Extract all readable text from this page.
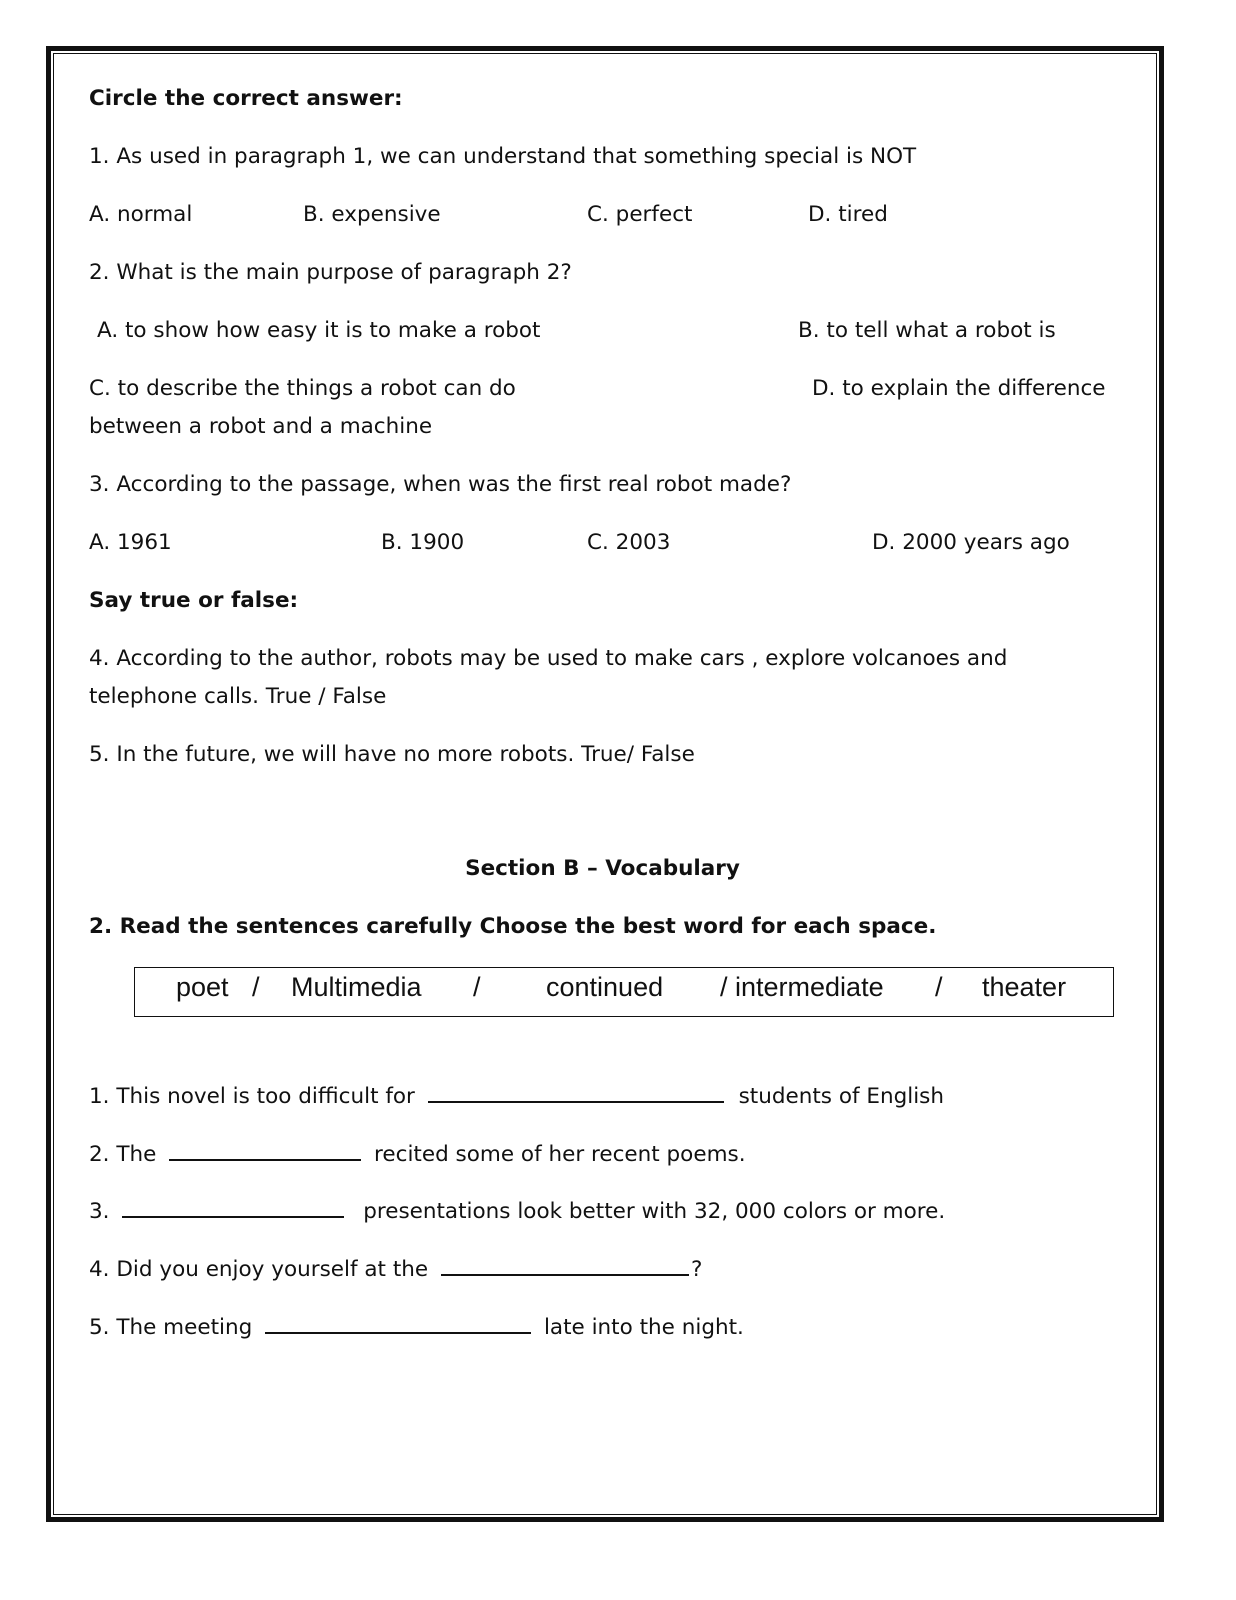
Circle the correct answer:
1. As used in paragraph 1, we can understand that something special is NOT
A. normal	B. expensive	C. perfect	D. tired
2. What is the main purpose of paragraph 2?
A. to show how easy it is to make a robot	B. to tell what a robot is
C. to describe the things a robot can do	D. to explain the difference
between a robot and a machine
3. According to the passage, when was the first real robot made?
A. 1961	B. 1900	C. 2003	D. 2000 years ago
Say true or false:
4. According to the author, robots may be used to make cars , explore volcanoes and
telephone calls. True / False
5. In the future, we will have no more robots. True/ False
Section B – Vocabulary
2. Read the sentences carefully Choose the best word for each space.
poet / Multimedia / continued / intermediate / theater
1. This novel is too difficult for	students of English
2. The	recited some of her recent poems.
3.	presentations look better with 32, 000 colors or more.
4. Did you enjoy yourself at the	?
5. The meeting	late into the night.
